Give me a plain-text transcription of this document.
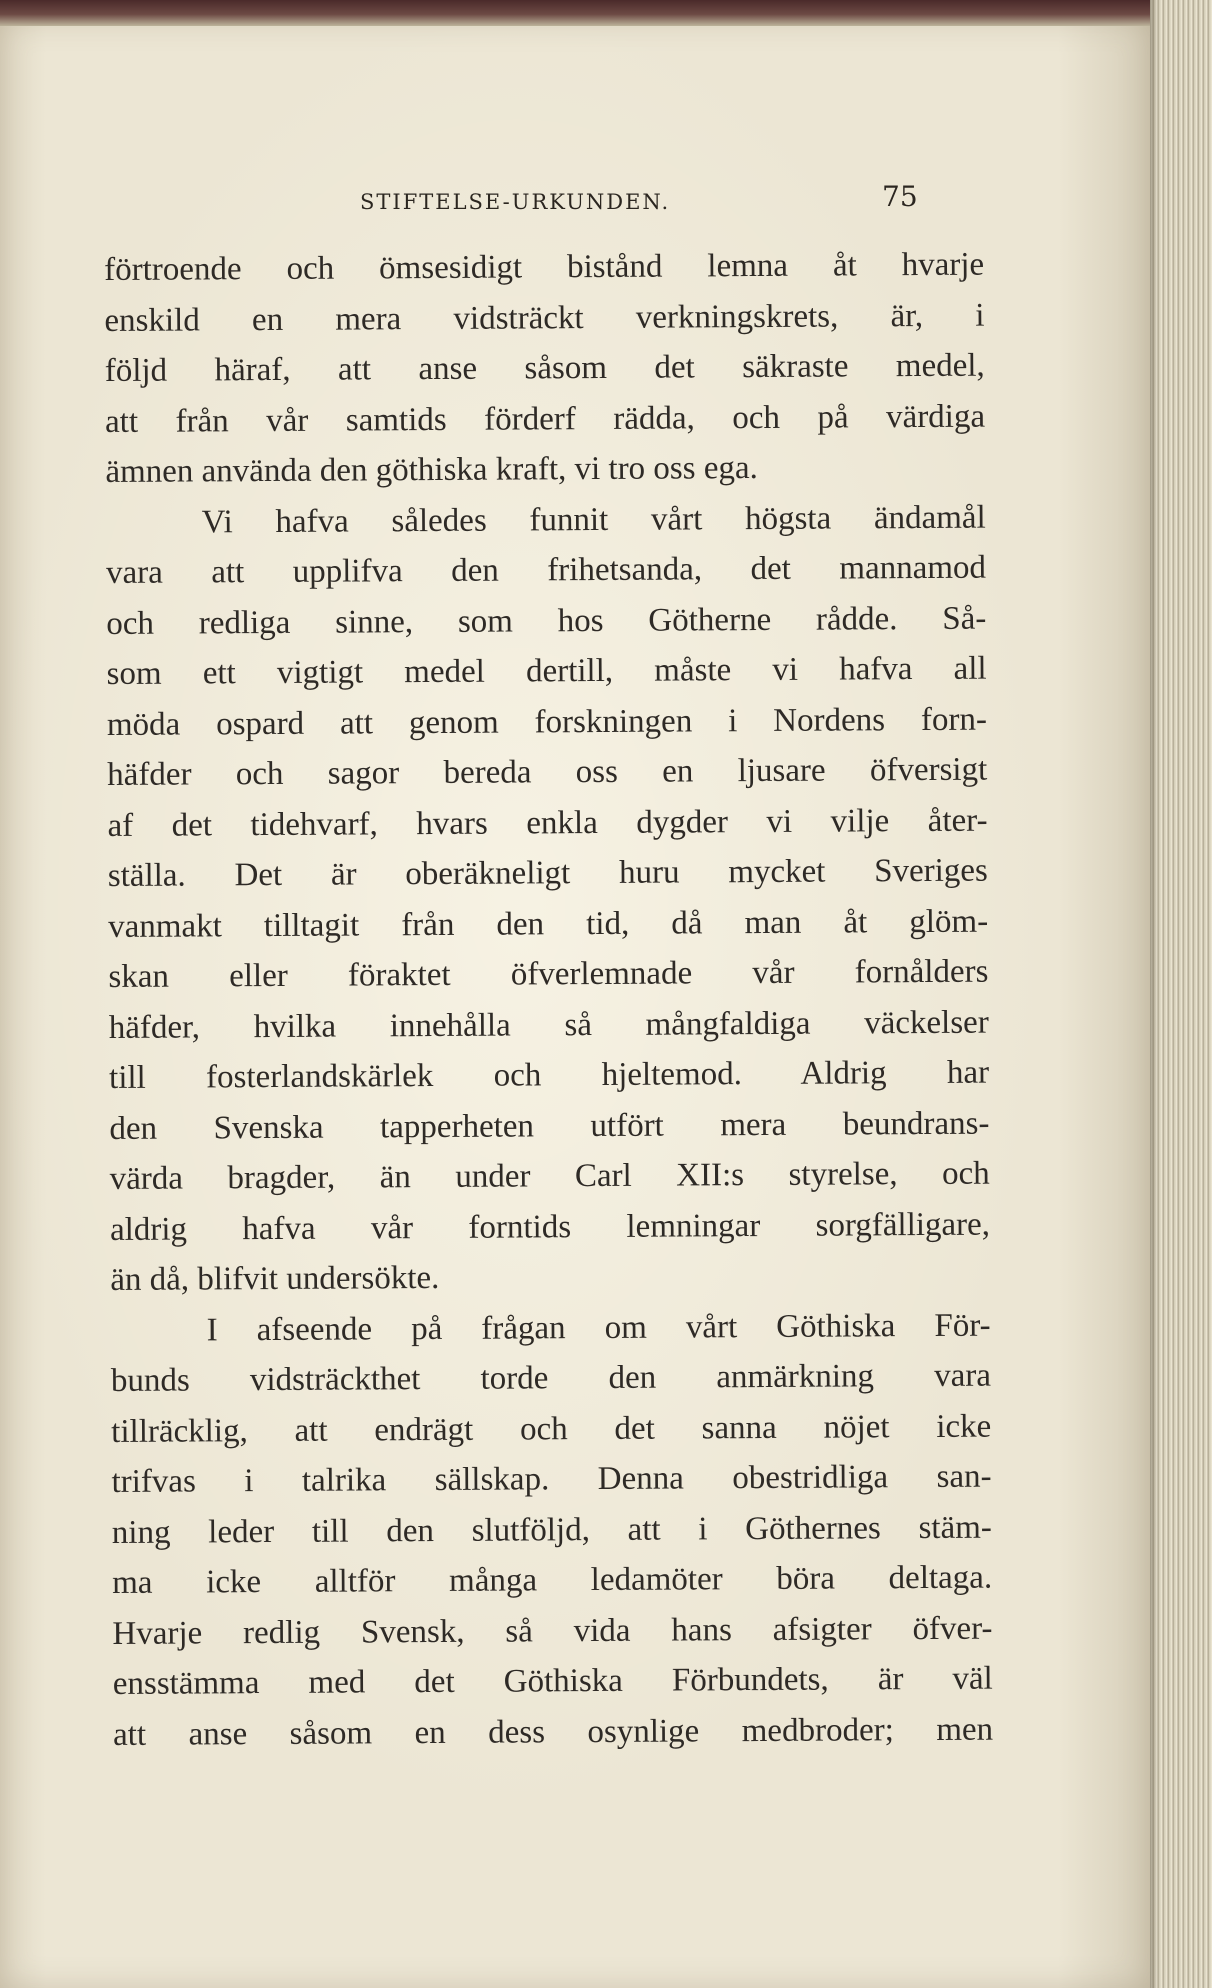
STIFTELSE-URKUNDEN.	75
förtroende och ömsesidigt bistånd lemna åt hvarje
enskild en mera vidsträckt verkningskrets, är, i
följd häraf, att anse såsom det säkraste medel,
att från vår samtids förderf rädda, och på värdiga
ämnen använda den göthiska kraft, vi tro oss ega.
Vi hafva således funnit vårt högsta ändamål
vara att upplifva den frihetsanda, det mannamod
och redliga sinne, som hos Götherne rådde. Så-
som ett vigtigt medel dertill, måste vi hafva all
möda ospard att genom forskningen i Nordens forn-
häfder och sagor bereda oss en ljusare öfversigt
af det tidehvarf, hvars enkla dygder vi vilje åter-
ställa. Det är oberäkneligt huru mycket Sveriges
vanmakt tilltagit från den tid, då man åt glöm-
skan eller föraktet öfverlemnade vår fornålders
häfder, hvilka innehålla så mångfaldiga väckelser
till fosterlandskärlek och hjeltemod. Aldrig har
den Svenska tapperheten utfört mera beundrans-
värda bragder, än under Carl XII:s styrelse, och
aldrig hafva vår forntids lemningar sorgfälligare,
än då, blifvit undersökte.
I afseende på frågan om vårt Göthiska För-
bunds vidsträckthet torde den anmärkning vara
tillräcklig, att endrägt och det sanna nöjet icke
trifvas i talrika sällskap. Denna obestridliga san-
ning leder till den slutföljd, att i Göthernes stäm-
ma icke alltför många ledamöter böra deltaga.
Hvarje redlig Svensk, så vida hans afsigter öfver-
ensstämma med det Göthiska Förbundets, är väl
att anse såsom en dess osynlige medbroder; men
